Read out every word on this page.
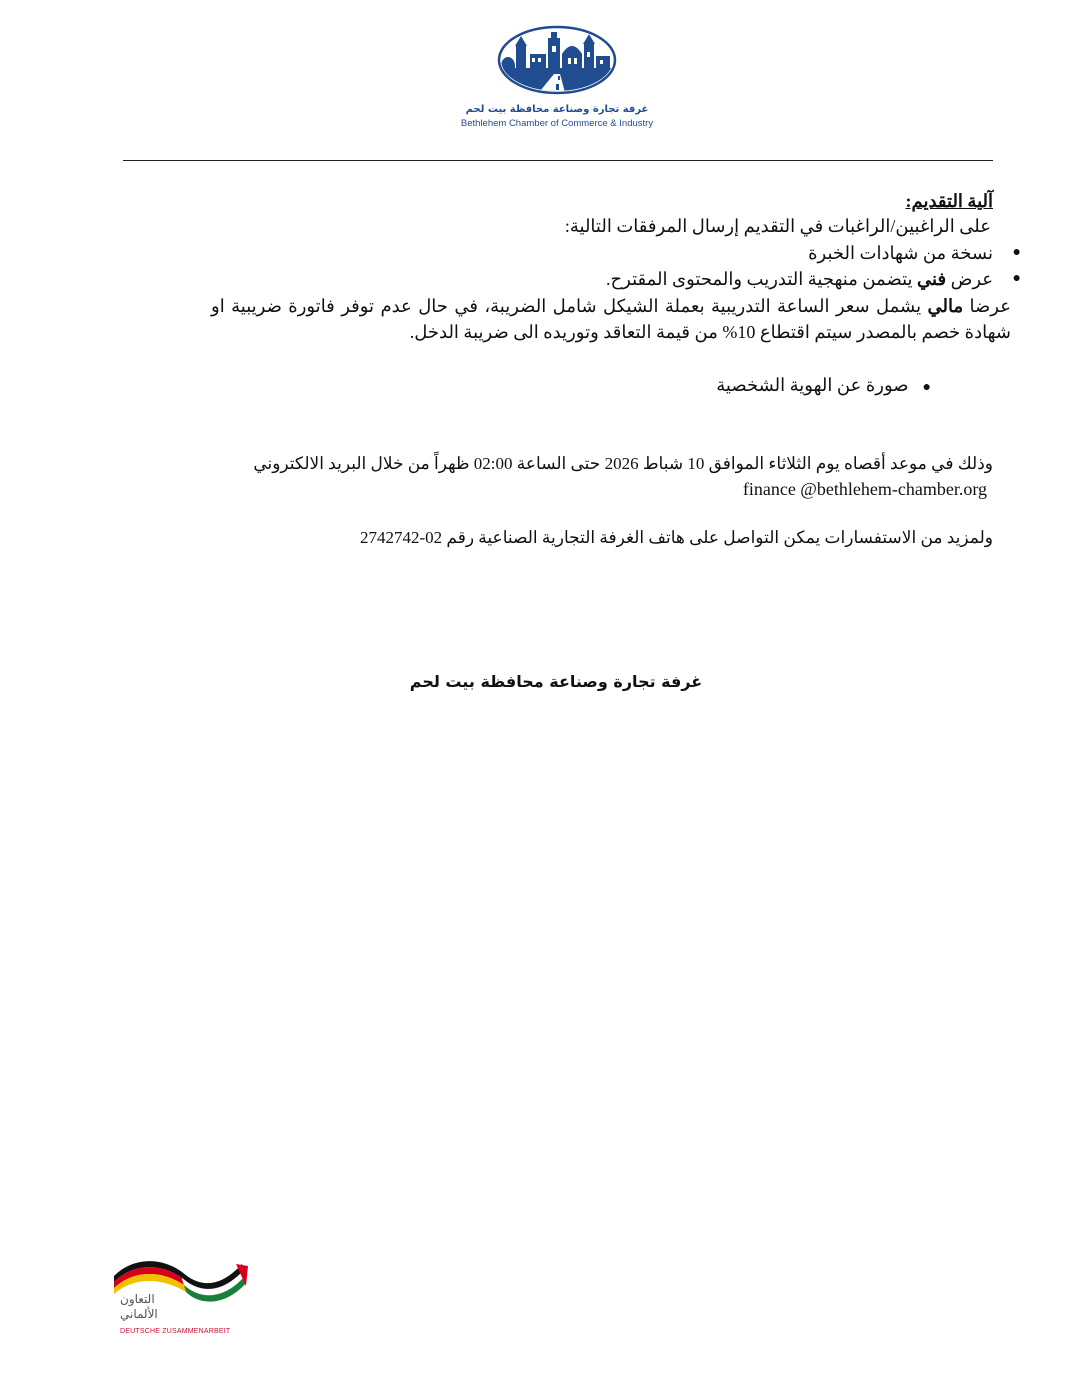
غرفة تجارة وصناعة محافظة بيت لحم
Bethlehem Chamber of Commerce & Industry
آلية التقديم:
على الراغبين/الراغبات في التقديم إرسال المرفقات التالية:
●
نسخة من شهادات الخبرة
●
عرض فني يتضمن منهجية التدريب والمحتوى المقترح.
عرضا مالي يشمل سعر الساعة التدريبية بعملة الشيكل شامل الضريبة، في حال عدم توفر فاتورة ضريبية او شهادة خصم بالمصدر سيتم اقتطاع 10% من قيمة التعاقد وتوريده الى ضريبة الدخل.
●صورة عن الهوية الشخصية
وذلك في موعد أقصاه يوم الثلاثاء الموافق 10 شباط 2026 حتى الساعة 02:00 ظهراً من خلال البريد الالكتروني
finance @bethlehem-chamber.org
ولمزيد من الاستفسارات يمكن التواصل على هاتف الغرفة التجارية الصناعية رقم 02-2742742
غرفة تجارة وصناعة محافظة بيت لحم
التعاون
الألماني
DEUTSCHE ZUSAMMENARBEIT
